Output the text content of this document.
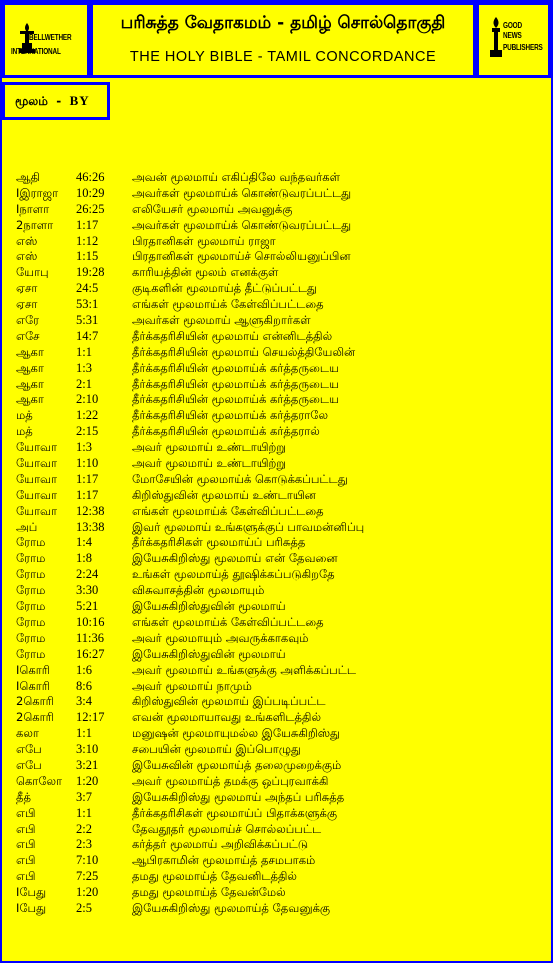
BELLWETHER
INTERNATIONAL
பரிசுத்த வேதாகமம் - தமிழ் சொல்தொகுதி
THE HOLY BIBLE - TAMIL CONCORDANCE
GOOD NEWS
PUBLISHERS
மூலம் - BY
ஆதி	46:26 அவன் மூலமாய் எகிப்திலே வந்தவர்கள்
Iஇராஜா	10:29 அவர்கள் மூலமாய்க் கொண்டுவரப்பட்டது
Iநாளா	26:25 எலியேசர் மூலமாய் அவனுக்கு
2நாளா	1:17	அவர்கள் மூலமாய்க் கொண்டுவரப்பட்டது
எஸ்	1:12	பிரதானிகள் மூலமாய் ராஜா
எஸ்	1:15	பிரதானிகள் மூலமாய்ச் சொல்லியனுப்பின
யோபு	19:28 காரியத்தின் மூலம் எனக்குள்
ஏசா	24:5	குடிகளின் மூலமாய்த் தீட்டுப்பட்டது
ஏசா	53:1	எங்கள் மூலமாய்க் கேள்விப்பட்டதை
எரே	5:31	அவர்கள் மூலமாய் ஆளுகிறார்கள்
எசே	14:7	தீர்க்கதரிசியின் மூலமாய் என்னிடத்தில்
ஆகா	1:1	தீர்க்கதரிசியின் மூலமாய் செயல்த்தியேலின்
ஆகா	1:3	தீர்க்கதரிசியின் மூலமாய்க் கர்த்தருடைய
ஆகா	2:1	தீர்க்கதரிசியின் மூலமாய்க் கர்த்தருடைய
ஆகா	2:10	தீர்க்கதரிசியின் மூலமாய்க் கர்த்தருடைய
மத்	1:22	தீர்க்கதரிசியின் மூலமாய்க் கர்த்தராலே
மத்	2:15	தீர்க்கதரிசியின் மூலமாய்க் கர்த்தரால்
யோவா	1:3	அவர் மூலமாய் உண்டாயிற்று
யோவா	1:10	அவர் மூலமாய் உண்டாயிற்று
யோவா	1:17	மோசேயின் மூலமாய்க் கொடுக்கப்பட்டது
யோவா	1:17	கிறிஸ்துவின் மூலமாய் உண்டாயின
யோவா	12:38 எங்கள் மூலமாய்க் கேள்விப்பட்டதை
அப்	13:38 இவர் மூலமாய் உங்களுக்குப் பாவமன்னிப்பு
ரோம	1:4	தீர்க்கதரிசிகள் மூலமாய்ப் பரிசுத்த
ரோம	1:8	இயேசுகிறிஸ்து மூலமாய் என் தேவனை
ரோம	2:24	உங்கள் மூலமாய்த் தூஷிக்கப்படுகிறதே
ரோம	3:30	விசுவாசத்தின் மூலமாயும்
ரோம	5:21	இயேசுகிறிஸ்துவின் மூலமாய்
ரோம	10:16 எங்கள் மூலமாய்க் கேள்விப்பட்டதை
ரோம	11:36 அவர் மூலமாயும் அவருக்காகவும்
ரோம	16:27 இயேசுகிறிஸ்துவின் மூலமாய்
Iகொரி	1:6	அவர் மூலமாய் உங்களுக்கு அளிக்கப்பட்ட
Iகொரி	8:6	அவர் மூலமாய் நாமும்
2கொரி	3:4	கிறிஸ்துவின் மூலமாய் இப்படிப்பட்ட
2கொரி	12:17 எவன் மூலமாயாவது உங்களிடத்தில்
கலா	1:1	மனுஷன் மூலமாயுமல்ல இயேசுகிறிஸ்து
எபே	3:10	சபையின் மூலமாய் இப்பொழுது
எபே	3:21	இயேசுவின் மூலமாய்த் தலைமுறைக்கும்
கொலோ	1:20	அவர் மூலமாய்த் தமக்கு ஒப்புரவாக்கி
தீத்	3:7	இயேசுகிறிஸ்து மூலமாய் அந்தப் பரிசுத்த
எபி	1:1	தீர்க்கதரிசிகள் மூலமாய்ப் பிதாக்களுக்கு
எபி	2:2	தேவதூதர் மூலமாய்ச் சொல்லப்பட்ட
எபி	2:3	கர்த்தர் மூலமாய் அறிவிக்கப்பட்டு
எபி	7:10	ஆபிரகாமின் மூலமாய்த் தசமபாகம்
எபி	7:25	தமது மூலமாய்த் தேவனிடத்தில்
Iபேது	1:20	தமது மூலமாய்த் தேவன்மேல்
Iபேது	2:5	இயேசுகிறிஸ்து மூலமாய்த் தேவனுக்கு
